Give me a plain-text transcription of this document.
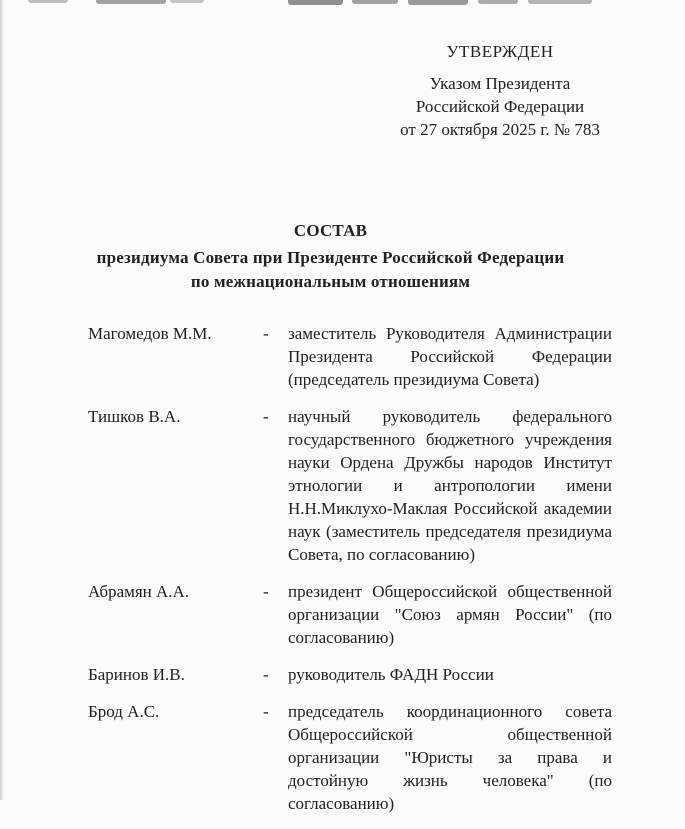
УТВЕРЖДЕН
Указом Президента
Российской Федерации
от 27 октября 2025 г. № 783
СОСТАВ
президиума Совета при Президенте Российской Федерации
по межнациональным отношениям
Магомедов М.М.	-	заместитель Руководителя Администрации Президента Российской Федерации (председатель президиума Совета)
Тишков В.А.	-	научный руководитель федерального государственного бюджетного учреждения науки Ордена Дружбы народов Институт этнологии и антропологии имени Н.Н.Миклухо-Маклая Российской академии наук (заместитель председателя президиума Совета, по согласованию)
Абрамян А.А.	-	президент Общероссийской общественной организации "Союз армян России" (по согласованию)
Баринов И.В.	-	руководитель ФАДН России
Брод А.С.	-	председатель координационного совета Общероссийской общественной организации "Юристы за права и достойную жизнь человека" (по согласованию)
